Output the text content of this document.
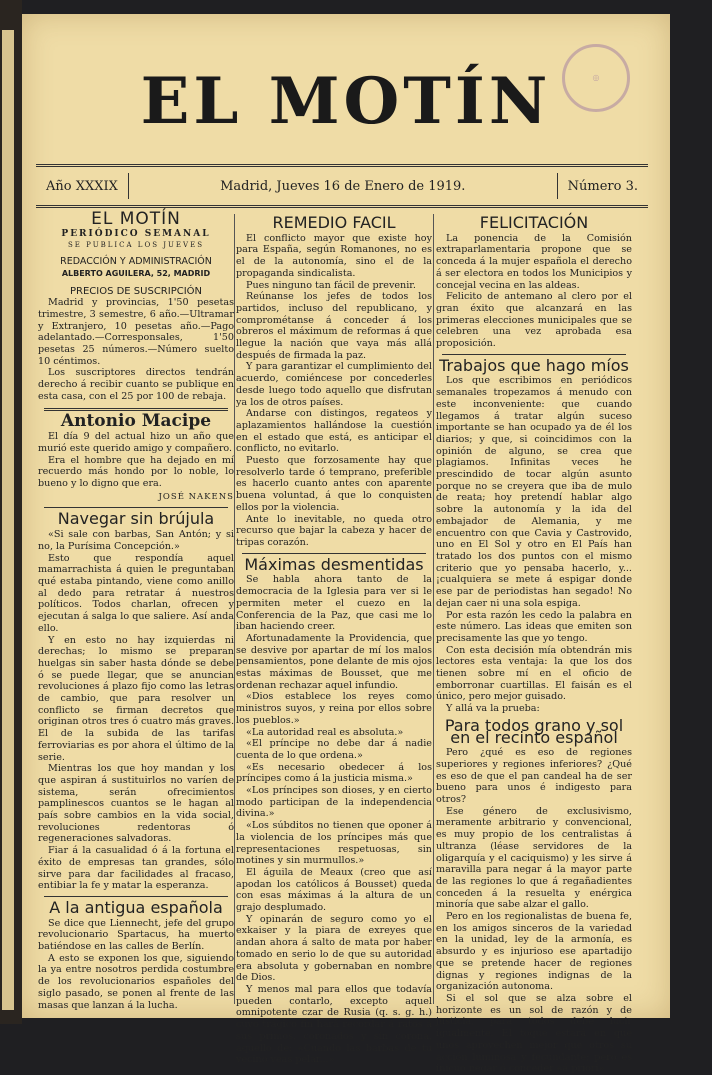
◎
EL MOTÍN
Año XXXIX	Madrid, Jueves 16 de Enero de 1919.	Número 3.
EL MOTÍN
PERIÓDICO SEMANAL
SE PUBLICA LOS JUEVES
REDACCIÓN Y ADMINISTRACIÓN
ALBERTO AGUILERA, 52, MADRID
PRECIOS DE SUSCRIPCIÓN

Madrid y provincias, 1'50 pesetas trimestre, 3 semestre, 6 año.—Ultramar y Extranjero, 10 pesetas año.—Pago adelantado.—Corresponsales, 1'50 pesetas 25 números.—Número suelto 10 céntimos.

Los suscriptores directos tendrán derecho á recibir cuanto se publique en esta casa, con el 25 por 100 de rebaja.

Antonio Macipe

El día 9 del actual hizo un año que murió este querido amigo y compañero.

Era el hombre que ha dejado en mí recuerdo más hondo por lo noble, lo bueno y lo digno que era.

JOSÉ NAKENS
Navegar sin brújula

«Si sale con barbas, San Antón; y si no, la Purísima Concepción.»

Esto que respondía aquel mamarrachista á quien le preguntaban qué estaba pintando, viene como anillo al dedo para retratar á nuestros políticos. Todos charlan, ofrecen y ejecutan á salga lo que saliere. Así anda ello.

Y en esto no hay izquierdas ni derechas; lo mismo se preparan huelgas sin saber hasta dónde se debe ó se puede llegar, que se anuncian revoluciones á plazo fijo como las letras de cambio, que para resolver un conflicto se firman decretos que originan otros tres ó cuatro más graves. El de la subida de las tarifas ferroviarias es por ahora el último de la serie.

Mientras los que hoy mandan y los que aspiran á sustituirlos no varíen de sistema, serán ofrecimientos pamplinescos cuantos se le hagan al país sobre cambios en la vida social, revoluciones redentoras ó regeneraciones salvadoras.

Fiar á la casualidad ó á la fortuna el éxito de empresas tan grandes, sólo sirve para dar facilidades al fracaso, entibiar la fe y matar la esperanza.

A la antigua española

Se dice que Liennecht, jefe del grupo revolucionario Spartacus, ha muerto batiéndose en las calles de Berlín.

A esto se exponen los que, siguiendo la ya entre nosotros perdida costumbre de los revolucionarios españoles del siglo pasado, se ponen al frente de las masas que lanzan á la lucha.

REMEDIO FACIL

El conflicto mayor que existe hoy para España, según Romanones, no es el de la autonomía, sino el de la propaganda sindicalista.

Pues ninguno tan fácil de prevenir.

Reúnanse los jefes de todos los partidos, incluso del republicano, y comprométanse á conceder á los obreros el máximum de reformas á que llegue la nación que vaya más allá después de firmada la paz.

Y para garantizar el cumplimiento del acuerdo, comiéncese por concederles desde luego todo aquello que disfrutan ya los de otros países.

Andarse con distingos, regateos y aplazamientos hallándose la cuestión en el estado que está, es anticipar el conflicto, no evitarlo.

Puesto que forzosamente hay que resolverlo tarde ó temprano, preferible es hacerlo cuanto antes con aparente buena voluntad, á que lo conquisten ellos por la violencia.

Ante lo inevitable, no queda otro recurso que bajar la cabeza y hacer de tripas corazón.

Máximas desmentidas

Se habla ahora tanto de la democracia de la Iglesia para ver si le permiten meter el cuezo en la Conferencia de la Paz, que casi me lo iban haciendo creer.

Afortunadamente la Providencia, que se desvive por apartar de mí los malos pensamientos, pone delante de mis ojos estas máximas de Bousset, que me ordenan rechazar aquel infundio.

«Dios establece los reyes como ministros suyos, y reina por ellos sobre los pueblos.»

«La autoridad real es absoluta.»

«El príncipe no debe dar á nadie cuenta de lo que ordena.»

«Es necesario obedecer á los príncipes como á la justicia misma.»

«Los príncipes son dioses, y en cierto modo participan de la independencia divina.»

«Los súbditos no tienen que oponer á la violencia de los príncipes más que representaciones respetuosas, sin motines y sin murmullos.»

El águila de Meaux (creo que así apodan los católicos á Bousset) queda con esas máximas á la altura de un grajo desplumado.

Y opinarán de seguro como yo el exkaiser y la piara de exreyes que andan ahora á salto de mata por haber tomado en serio lo de que su autoridad era absoluta y gobernaban en nombre de Dios.

Y menos mal para ellos que todavía pueden contarlo, excepto aquel omnipotente czar de Rusia (q. s. g. h.) cuyo trágico fin hará recordar á ratos á sus primos, coronados y sin corona, aquello de: «Cuando las barbas de tu vecino veas pelar...»

FELICITACIÓN

La ponencia de la Comisión extraparlamentaria propone que se conceda á la mujer española el derecho á ser electora en todos los Municipios y concejal vecina en las aldeas.

Felicito de antemano al clero por el gran éxito que alcanzará en las primeras elecciones municipales que se celebren una vez aprobada esa proposición.

Trabajos que hago míos

Los que escribimos en periódicos semanales tropezamos á menudo con este inconveniente: que cuando llegamos á tratar algún suceso importante se han ocupado ya de él los diarios; y que, si coincidimos con la opinión de alguno, se crea que plagiamos. Infinitas veces he prescindido de tocar algún asunto porque no se creyera que iba de mulo de reata; hoy pretendí hablar algo sobre la autonomía y la ida del embajador de Alemania, y me encuentro con que Cavia y Castrovido, uno en El Sol y otro en El País han tratado los dos puntos con el mismo criterio que yo pensaba hacerlo, y... ¡cualquiera se mete á espigar donde ese par de periodistas han segado! No dejan caer ni una sola espiga.

Por esta razón les cedo la palabra en este número. Las ideas que emiten son precisamente las que yo tengo.

Con esta decisión mía obtendrán mis lectores esta ventaja: la que los dos tienen sobre mí en el oficio de emborronar cuartillas. El faisán es el único, pero mejor guisado.

Y allá va la prueba:

Para todos grano y sol en el recinto español

Pero ¿qué es eso de regiones superiores y regiones inferiores? ¿Qué es eso de que el pan candeal ha de ser bueno para unos é indigesto para otros?

Ese género de exclusivismo, meramente arbitrario y convencional, es muy propio de los centralistas á ultranza (léase servidores de la oligarquía y el caciquismo) y les sirve á maravilla para negar á la mayor parte de las regiones lo que á regañadientes conceden á la resuelta y enérgica minoría que sabe alzar el gallo.

Pero en los regionalistas de buena fe, en los amigos sinceros de la variedad en la unidad, ley de la armonía, es absurdo y es injurioso ese apartadijo que se pretende hacer de regiones dignas y regiones indignas de la organización autonoma.

Si el sol que se alza sobre el horizonte es un sol de razón y de justicia, para todos debe lucir igualmente. El toque estará en que unos aprovechen mejor que otros su acción luminosa y fecundante; pero es inicuo negar ó conceder «á priori»
